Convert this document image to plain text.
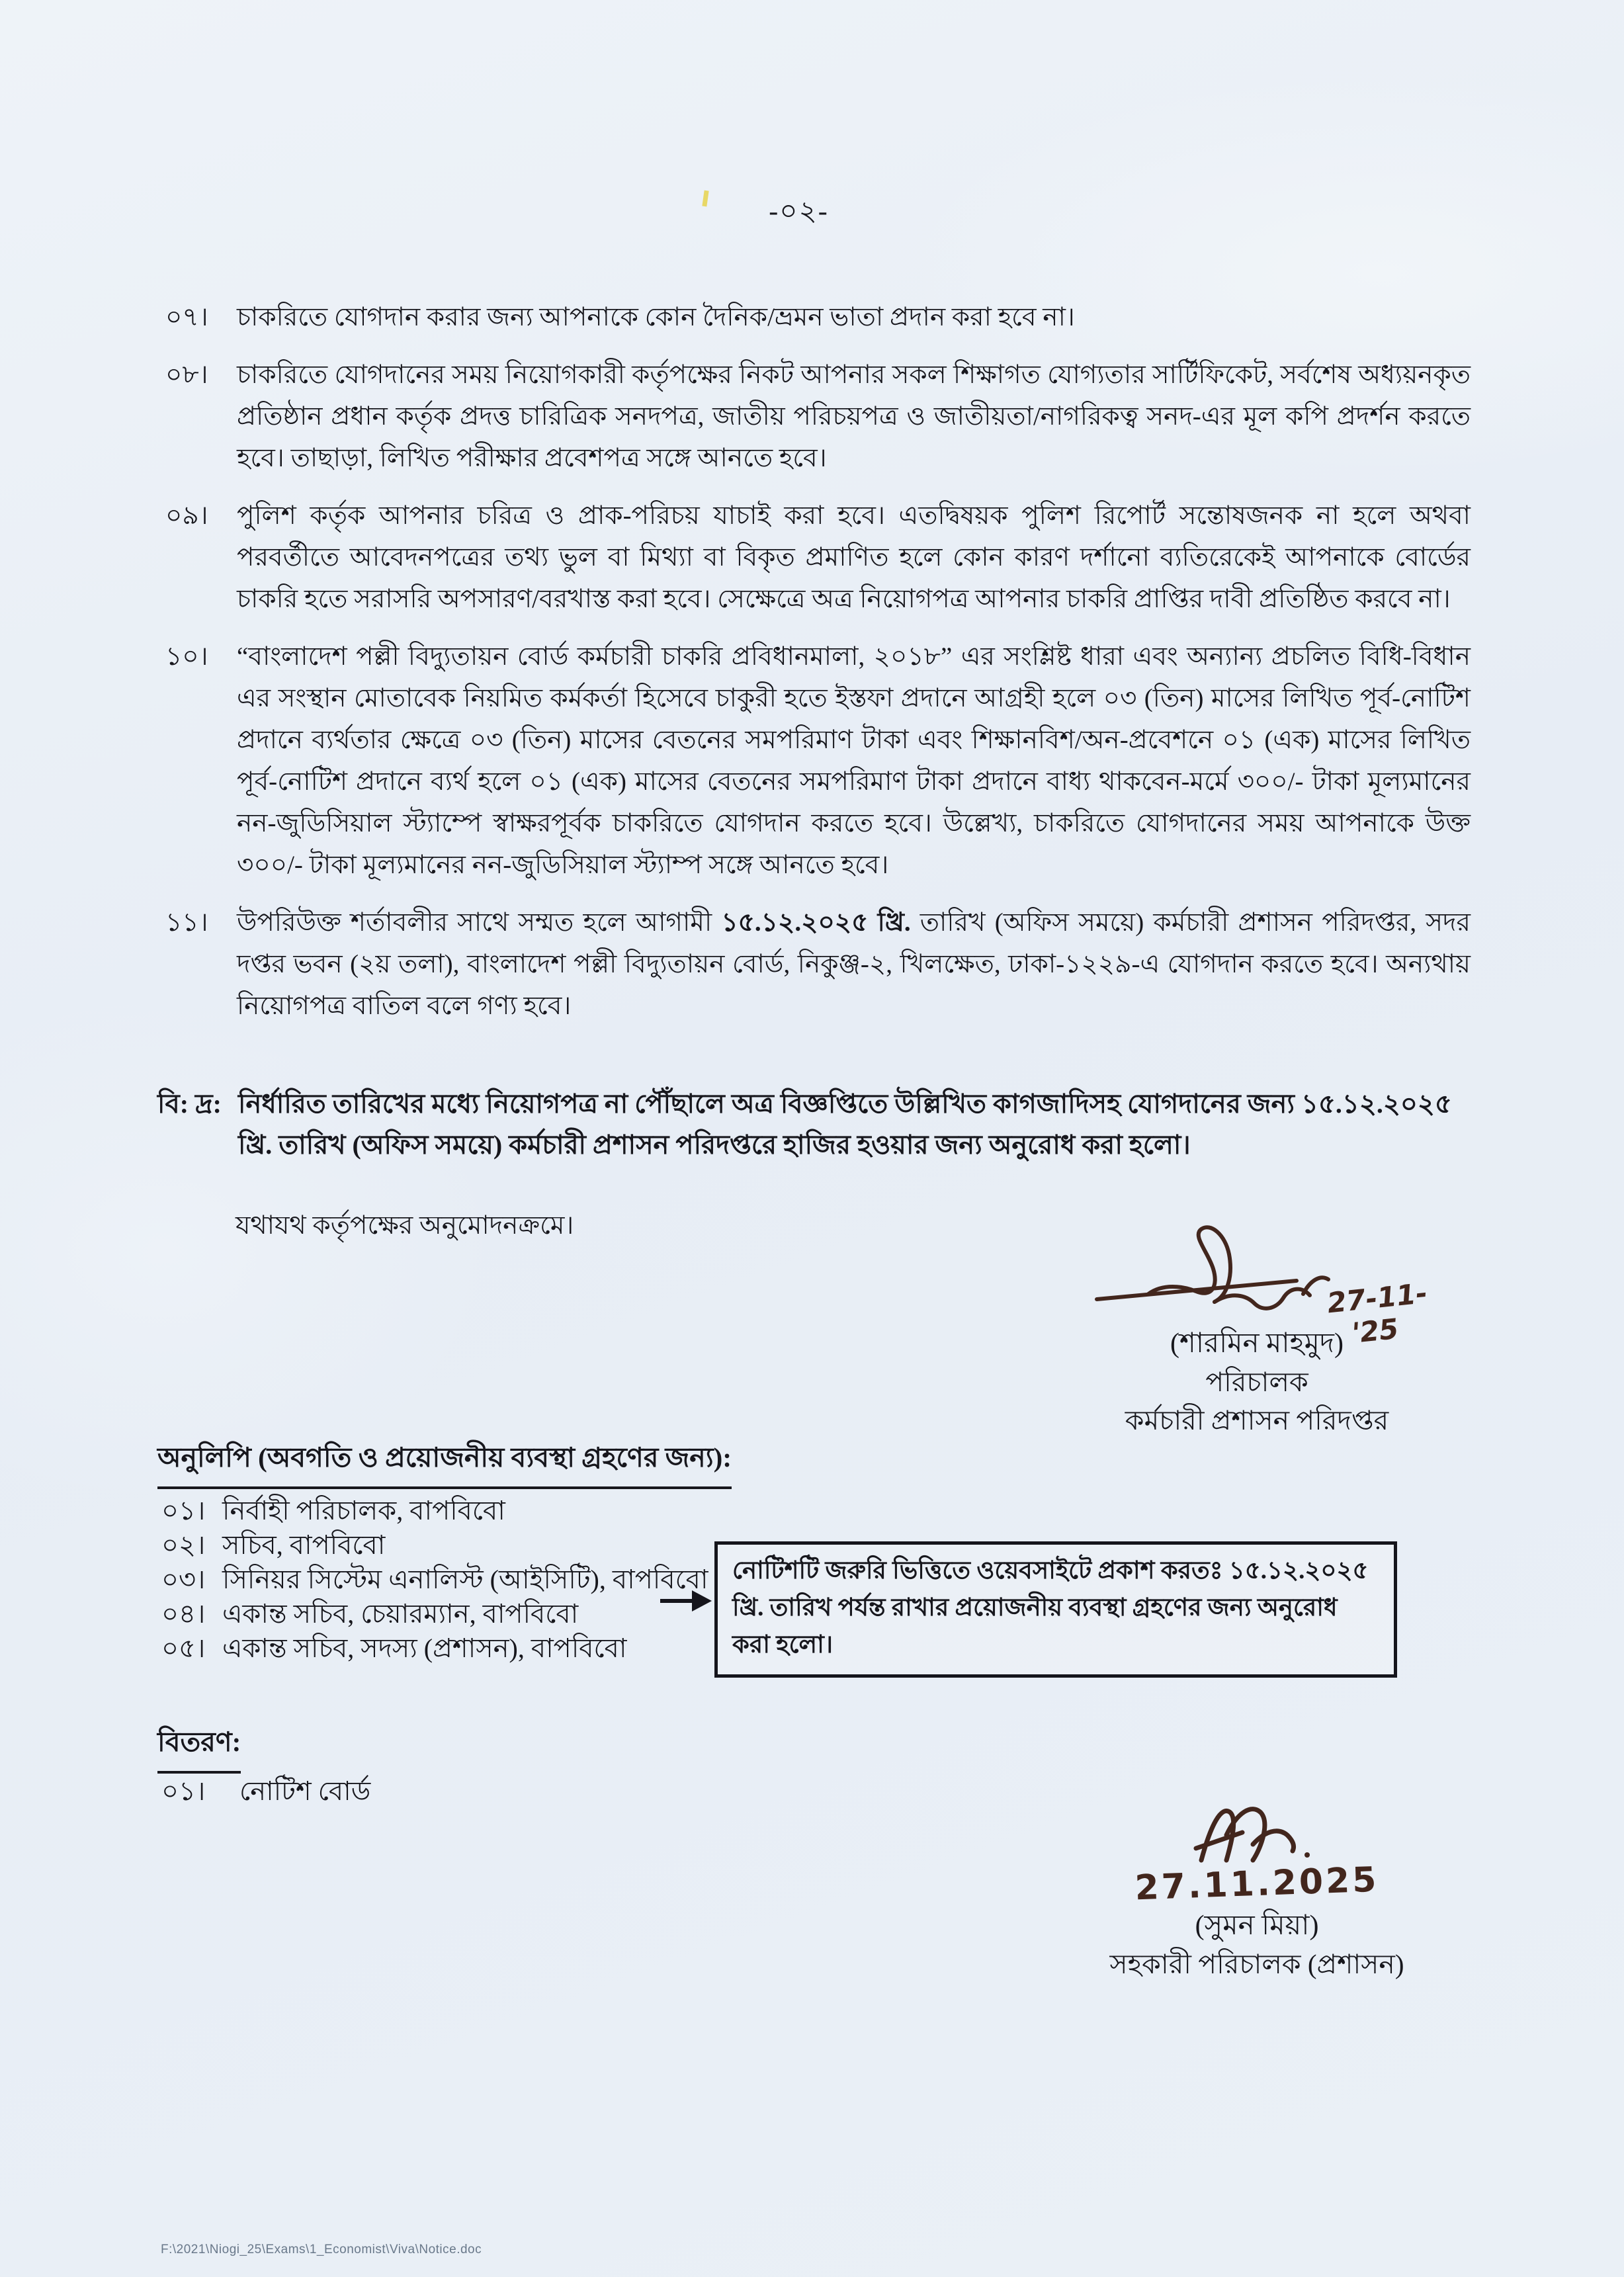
-০২-
০৭।	চাকরিতে যোগদান করার জন্য আপনাকে কোন দৈনিক/ভ্রমন ভাতা প্রদান করা হবে না।
০৮।	চাকরিতে যোগদানের সময় নিয়োগকারী কর্তৃপক্ষের নিকট আপনার সকল শিক্ষাগত যোগ্যতার সার্টিফিকেট, সর্বশেষ অধ্যয়নকৃত প্রতিষ্ঠান প্রধান কর্তৃক প্রদত্ত চারিত্রিক সনদপত্র, জাতীয় পরিচয়পত্র ও জাতীয়তা/নাগরিকত্ব সনদ-এর মূল কপি প্রদর্শন করতে হবে। তাছাড়া, লিখিত পরীক্ষার প্রবেশপত্র সঙ্গে আনতে হবে।
০৯।	পুলিশ কর্তৃক আপনার চরিত্র ও প্রাক-পরিচয় যাচাই করা হবে। এতদ্বিষয়ক পুলিশ রিপোর্ট সন্তোষজনক না হলে অথবা পরবর্তীতে আবেদনপত্রের তথ্য ভুল বা মিথ্যা বা বিকৃত প্রমাণিত হলে কোন কারণ দর্শানো ব্যতিরেকেই আপনাকে বোর্ডের চাকরি হতে সরাসরি অপসারণ/বরখাস্ত করা হবে। সেক্ষেত্রে অত্র নিয়োগপত্র আপনার চাকরি প্রাপ্তির দাবী প্রতিষ্ঠিত করবে না।
১০।	“বাংলাদেশ পল্লী বিদ্যুতায়ন বোর্ড কর্মচারী চাকরি প্রবিধানমালা, ২০১৮” এর সংশ্লিষ্ট ধারা এবং অন্যান্য প্রচলিত বিধি-বিধান এর সংস্থান মোতাবেক নিয়মিত কর্মকর্তা হিসেবে চাকুরী হতে ইস্তফা প্রদানে আগ্রহী হলে ০৩ (তিন) মাসের লিখিত পূর্ব-নোটিশ প্রদানে ব্যর্থতার ক্ষেত্রে ০৩ (তিন) মাসের বেতনের সমপরিমাণ টাকা এবং শিক্ষানবিশ/অন-প্রবেশনে ০১ (এক) মাসের লিখিত পূর্ব-নোটিশ প্রদানে ব্যর্থ হলে ০১ (এক) মাসের বেতনের সমপরিমাণ টাকা প্রদানে বাধ্য থাকবেন-মর্মে ৩০০/- টাকা মূল্যমানের নন-জুডিসিয়াল স্ট্যাম্পে স্বাক্ষরপূর্বক চাকরিতে যোগদান করতে হবে। উল্লেখ্য, চাকরিতে যোগদানের সময় আপনাকে উক্ত ৩০০/- টাকা মূল্যমানের নন-জুডিসিয়াল স্ট্যাম্প সঙ্গে আনতে হবে।
১১।	উপরিউক্ত শর্তাবলীর সাথে সম্মত হলে আগামী ১৫.১২.২০২৫ খ্রি. তারিখ (অফিস সময়ে) কর্মচারী প্রশাসন পরিদপ্তর, সদর দপ্তর ভবন (২য় তলা), বাংলাদেশ পল্লী বিদ্যুতায়ন বোর্ড, নিকুঞ্জ-২, খিলক্ষেত, ঢাকা-১২২৯-এ যোগদান করতে হবে। অন্যথায় নিয়োগপত্র বাতিল বলে গণ্য হবে।
বি: দ্র: নির্ধারিত তারিখের মধ্যে নিয়োগপত্র না পৌঁছালে অত্র বিজ্ঞপ্তিতে উল্লিখিত কাগজাদিসহ যোগদানের জন্য ১৫.১২.২০২৫ খ্রি. তারিখ (অফিস সময়ে) কর্মচারী প্রশাসন পরিদপ্তরে হাজির হওয়ার জন্য অনুরোধ করা হলো।
যথাযথ কর্তৃপক্ষের অনুমোদনক্রমে।
27-11-'25
(শারমিন মাহমুদ)
পরিচালক
কর্মচারী প্রশাসন পরিদপ্তর
অনুলিপি (অবগতি ও প্রয়োজনীয় ব্যবস্থা গ্রহণের জন্য):
০১। নির্বাহী পরিচালক, বাপবিবো
০২। সচিব, বাপবিবো
০৩। সিনিয়র সিস্টেম এনালিস্ট (আইসিটি), বাপবিবো
০৪। একান্ত সচিব, চেয়ারম্যান, বাপবিবো
০৫। একান্ত সচিব, সদস্য (প্রশাসন), বাপবিবো
নোটিশটি জরুরি ভিত্তিতে ওয়েবসাইটে প্রকাশ করতঃ ১৫.১২.২০২৫ খ্রি. তারিখ পর্যন্ত রাখার প্রয়োজনীয় ব্যবস্থা গ্রহণের জন্য অনুরোধ করা হলো।
বিতরণ:
০১।	নোটিশ বোর্ড
27.11.2025
(সুমন মিয়া)
সহকারী পরিচালক (প্রশাসন)
F:\2021\Niogi_25\Exams\1_Economist\Viva\Notice.doc
